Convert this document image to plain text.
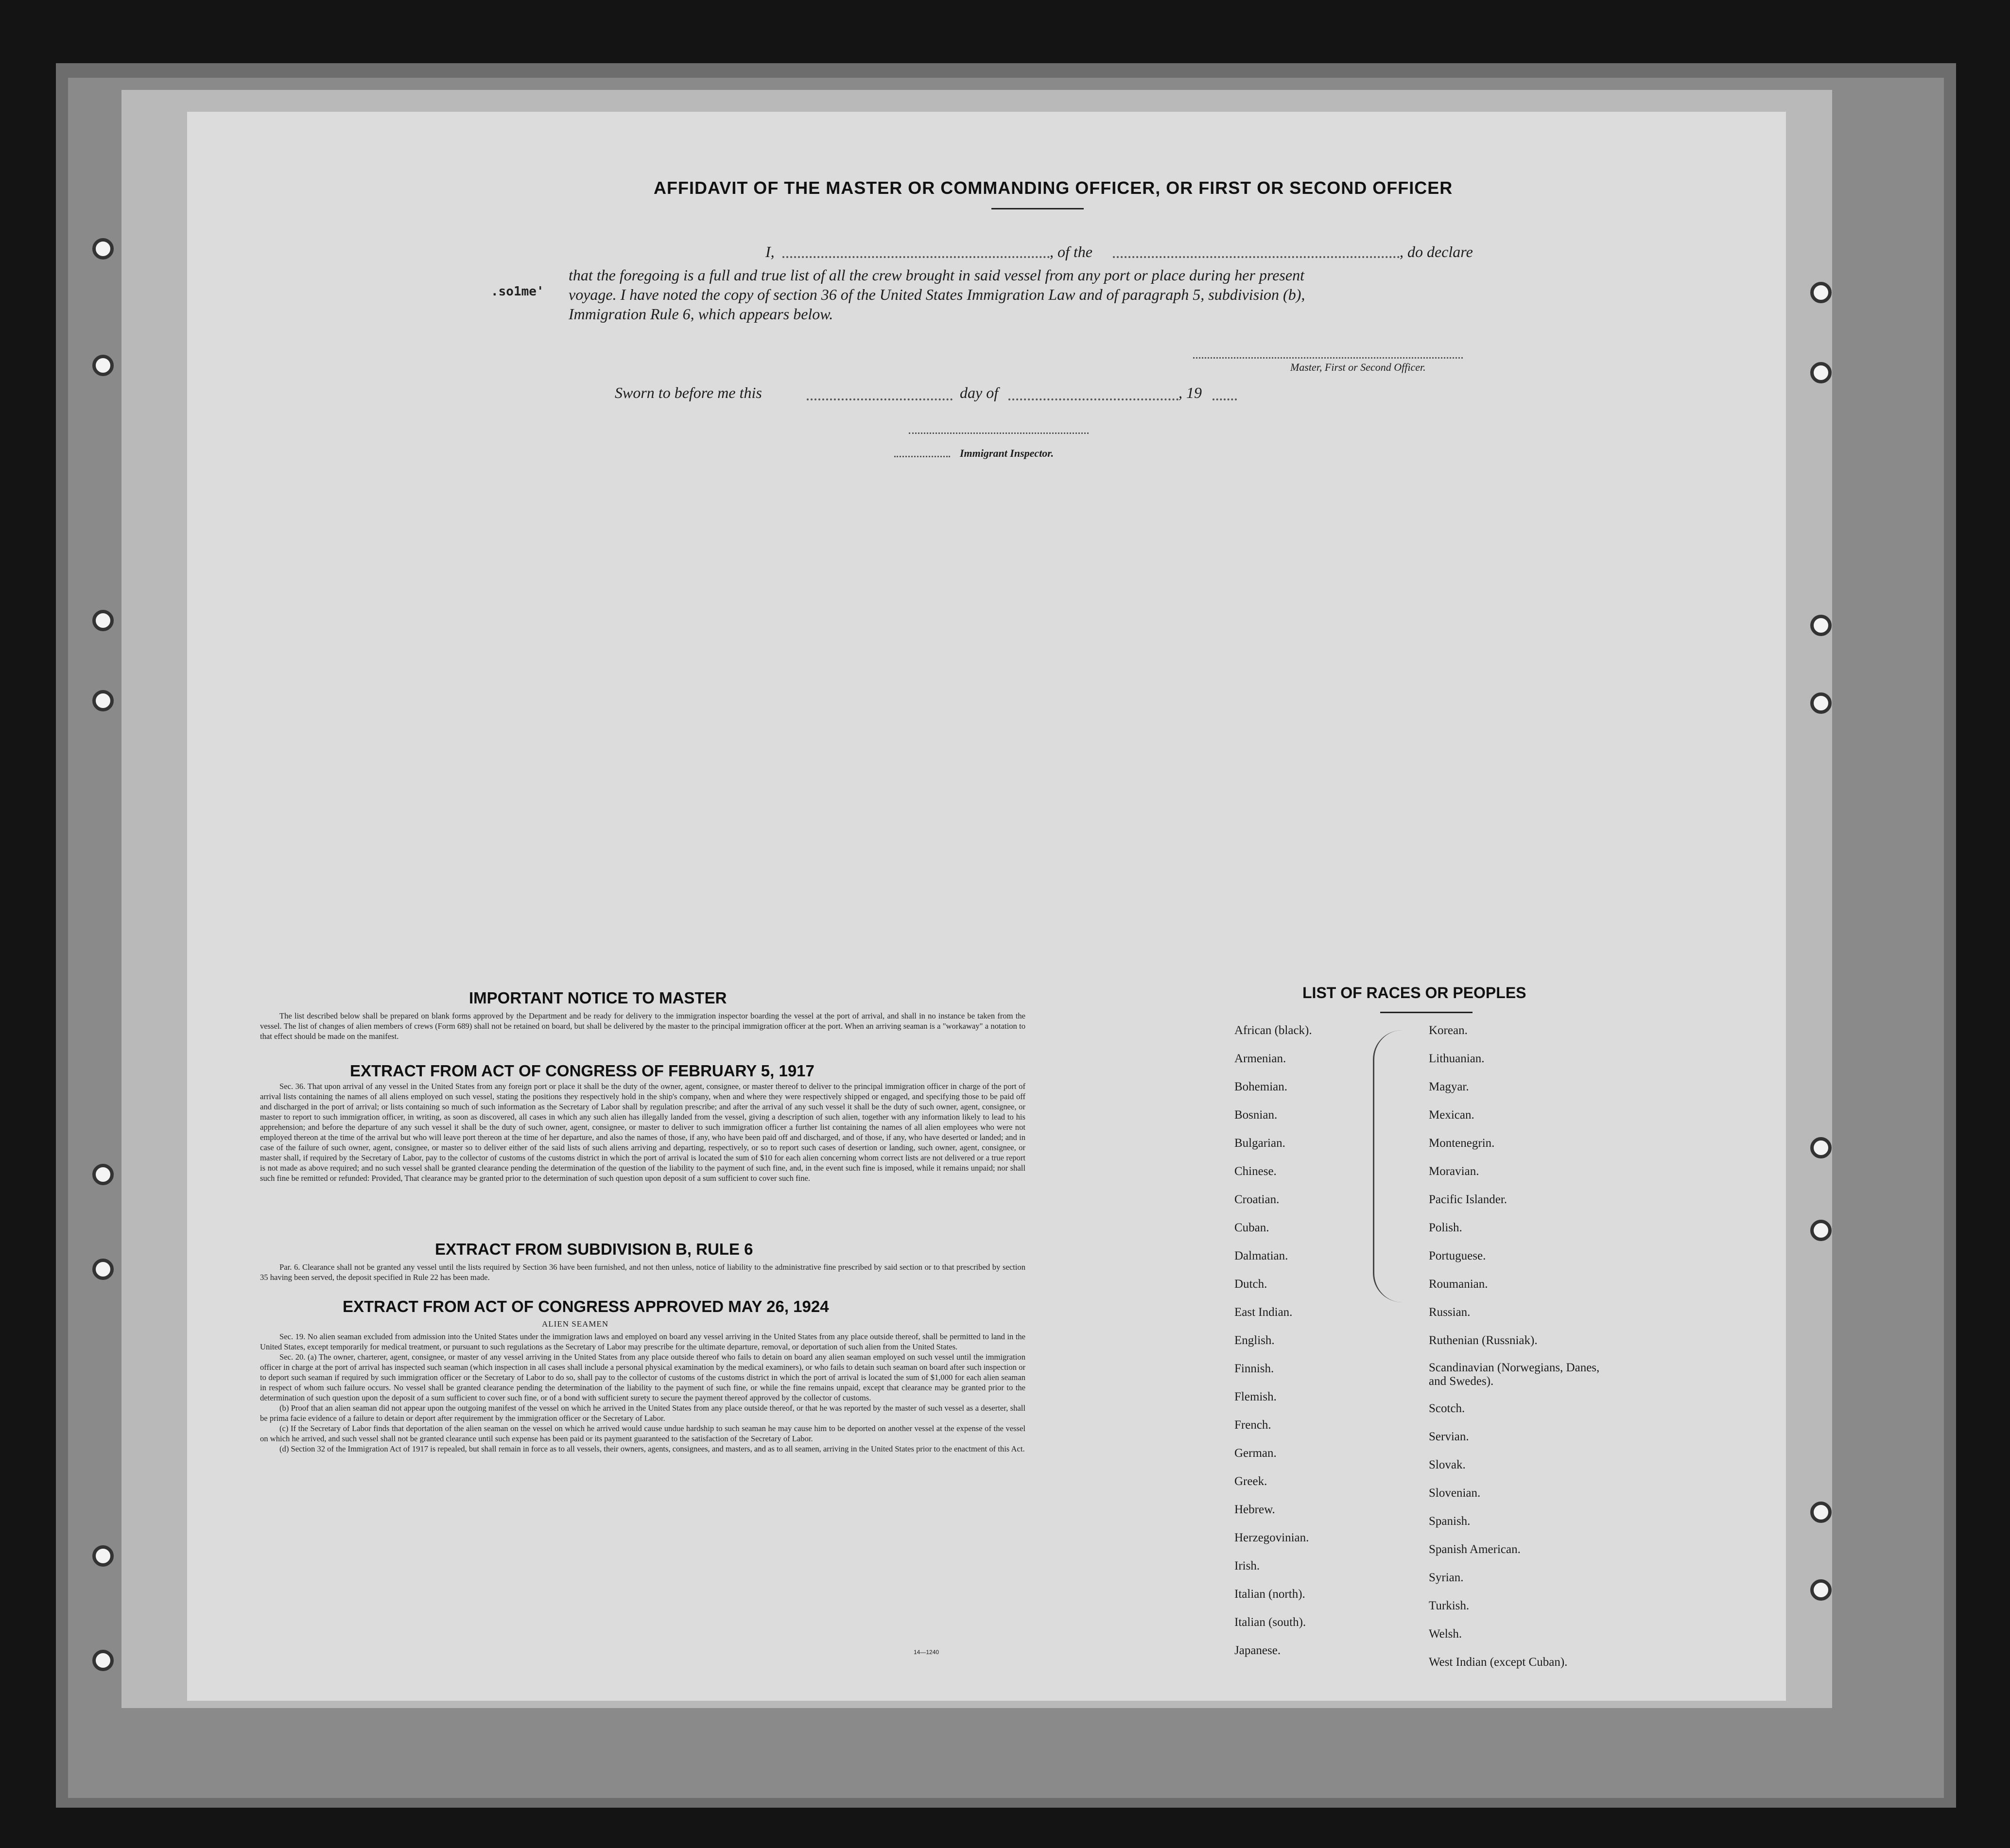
.so1me'
AFFIDAVIT OF THE MASTER OR COMMANDING OFFICER, OR FIRST OR SECOND OFFICER
I,	, of the	, do declare
that the foregoing is a full and true list of all the crew brought in said vessel from any port or place during her present
voyage. I have noted the copy of section 36 of the United States Immigration Law and of paragraph 5, subdivision (b),
Immigration Rule 6, which appears below.
Master, First or Second Officer.
Sworn to before me this	day of	, 19
Immigrant Inspector.
IMPORTANT NOTICE TO MASTER

The list described below shall be prepared on blank forms approved by the Department and be ready for delivery to the immigration inspector boarding the vessel at the port of arrival, and shall in no instance be taken from the vessel. The list of changes of alien members of crews (Form 689) shall not be retained on board, but shall be delivered by the master to the principal immigration officer at the port. When an arriving seaman is a "workaway" a notation to that effect should be made on the manifest.

EXTRACT FROM ACT OF CONGRESS OF FEBRUARY 5, 1917

Sec. 36. That upon arrival of any vessel in the United States from any foreign port or place it shall be the duty of the owner, agent, consignee, or master thereof to deliver to the principal immigration officer in charge of the port of arrival lists containing the names of all aliens employed on such vessel, stating the positions they respectively hold in the ship's company, when and where they were respectively shipped or engaged, and specifying those to be paid off and discharged in the port of arrival; or lists containing so much of such information as the Secretary of Labor shall by regulation prescribe; and after the arrival of any such vessel it shall be the duty of such owner, agent, consignee, or master to report to such immigration officer, in writing, as soon as discovered, all cases in which any such alien has illegally landed from the vessel, giving a description of such alien, together with any information likely to lead to his apprehension; and before the departure of any such vessel it shall be the duty of such owner, agent, consignee, or master to deliver to such immigration officer a further list containing the names of all alien employees who were not employed thereon at the time of the arrival but who will leave port thereon at the time of her departure, and also the names of those, if any, who have been paid off and discharged, and of those, if any, who have deserted or landed; and in case of the failure of such owner, agent, consignee, or master so to deliver either of the said lists of such aliens arriving and departing, respectively, or so to report such cases of desertion or landing, such owner, agent, consignee, or master shall, if required by the Secretary of Labor, pay to the collector of customs of the customs district in which the port of arrival is located the sum of $10 for each alien concerning whom correct lists are not delivered or a true report is not made as above required; and no such vessel shall be granted clearance pending the determination of the question of the liability to the payment of such fine, and, in the event such fine is imposed, while it remains unpaid; nor shall such fine be remitted or refunded: Provided, That clearance may be granted prior to the determination of such question upon deposit of a sum sufficient to cover such fine.

EXTRACT FROM SUBDIVISION B, RULE 6

Par. 6. Clearance shall not be granted any vessel until the lists required by Section 36 have been furnished, and not then unless, notice of liability to the administrative fine prescribed by said section or to that prescribed by section 35 having been served, the deposit specified in Rule 22 has been made.

EXTRACT FROM ACT OF CONGRESS APPROVED MAY 26, 1924
ALIEN SEAMEN

Sec. 19. No alien seaman excluded from admission into the United States under the immigration laws and employed on board any vessel arriving in the United States from any place outside thereof, shall be permitted to land in the United States, except temporarily for medical treatment, or pursuant to such regulations as the Secretary of Labor may prescribe for the ultimate departure, removal, or deportation of such alien from the United States.

Sec. 20. (a) The owner, charterer, agent, consignee, or master of any vessel arriving in the United States from any place outside thereof who fails to detain on board any alien seaman employed on such vessel until the immigration officer in charge at the port of arrival has inspected such seaman (which inspection in all cases shall include a personal physical examination by the medical examiners), or who fails to detain such seaman on board after such inspection or to deport such seaman if required by such immigration officer or the Secretary of Labor to do so, shall pay to the collector of customs of the customs district in which the port of arrival is located the sum of $1,000 for each alien seaman in respect of whom such failure occurs. No vessel shall be granted clearance pending the determination of the liability to the payment of such fine, or while the fine remains unpaid, except that clearance may be granted prior to the determination of such question upon the deposit of a sum sufficient to cover such fine, or of a bond with sufficient surety to secure the payment thereof approved by the collector of customs.

(b) Proof that an alien seaman did not appear upon the outgoing manifest of the vessel on which he arrived in the United States from any place outside thereof, or that he was reported by the master of such vessel as a deserter, shall be prima facie evidence of a failure to detain or deport after requirement by the immigration officer or the Secretary of Labor.

(c) If the Secretary of Labor finds that deportation of the alien seaman on the vessel on which he arrived would cause undue hardship to such seaman he may cause him to be deported on another vessel at the expense of the vessel on which he arrived, and such vessel shall not be granted clearance until such expense has been paid or its payment guaranteed to the satisfaction of the Secretary of Labor.

(d) Section 32 of the Immigration Act of 1917 is repealed, but shall remain in force as to all vessels, their owners, agents, consignees, and masters, and as to all seamen, arriving in the United States prior to the enactment of this Act.

14—1240
LIST OF RACES OR PEOPLES
African (black).
Armenian.
Bohemian.
Bosnian.
Bulgarian.
Chinese.
Croatian.
Cuban.
Dalmatian.
Dutch.
East Indian.
English.
Finnish.
Flemish.
French.
German.
Greek.
Hebrew.
Herzegovinian.
Irish.
Italian (north).
Italian (south).
Japanese.
Korean.
Lithuanian.
Magyar.
Mexican.
Montenegrin.
Moravian.
Pacific Islander.
Polish.
Portuguese.
Roumanian.
Russian.
Ruthenian (Russniak).
Scandinavian (Norwegians, Danes, and Swedes).
Scotch.
Servian.
Slovak.
Slovenian.
Spanish.
Spanish American.
Syrian.
Turkish.
Welsh.
West Indian (except Cuban).
